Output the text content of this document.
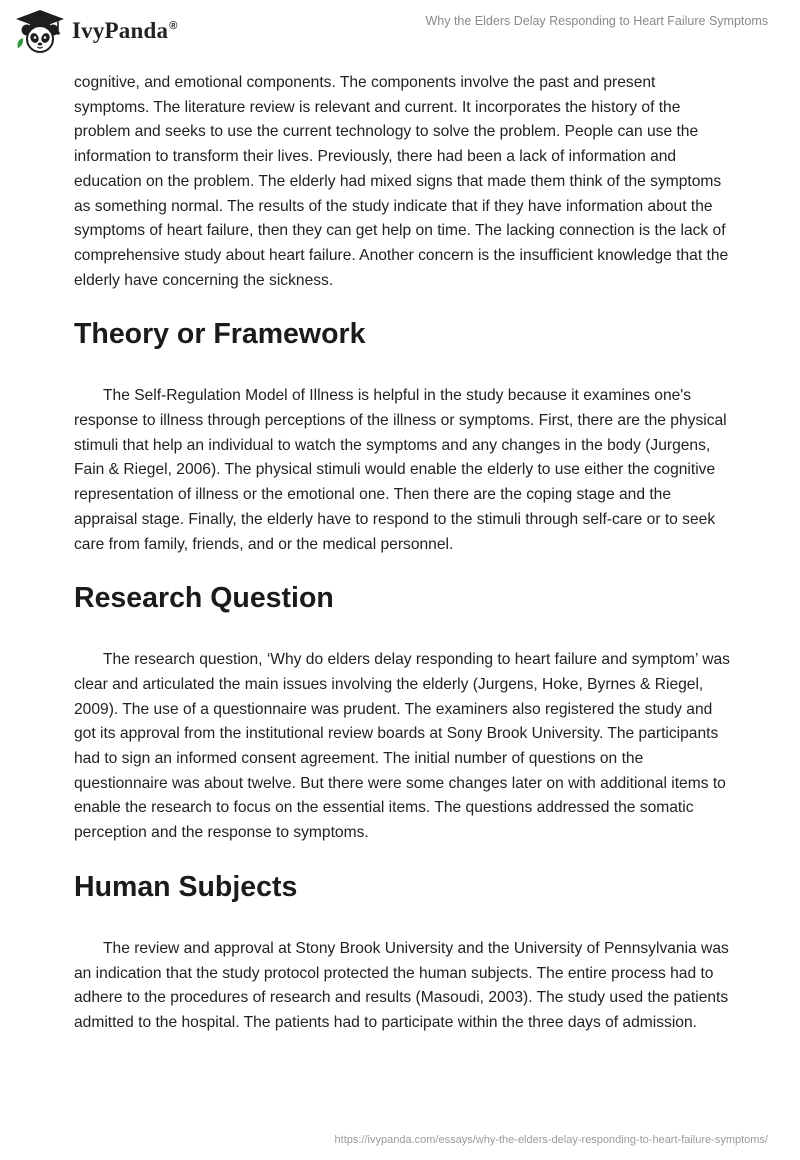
IvyPanda®	Why the Elders Delay Responding to Heart Failure Symptoms

cognitive, and emotional components. The components involve the past and present symptoms. The literature review is relevant and current. It incorporates the history of the problem and seeks to use the current technology to solve the problem. People can use the information to transform their lives. Previously, there had been a lack of information and education on the problem. The elderly had mixed signs that made them think of the symptoms as something normal. The results of the study indicate that if they have information about the symptoms of heart failure, then they can get help on time. The lacking connection is the lack of comprehensive study about heart failure. Another concern is the insufficient knowledge that the elderly have concerning the sickness.

Theory or Framework

The Self-Regulation Model of Illness is helpful in the study because it examines one's response to illness through perceptions of the illness or symptoms. First, there are the physical stimuli that help an individual to watch the symptoms and any changes in the body (Jurgens, Fain & Riegel, 2006). The physical stimuli would enable the elderly to use either the cognitive representation of illness or the emotional one. Then there are the coping stage and the appraisal stage. Finally, the elderly have to respond to the stimuli through self-care or to seek care from family, friends, and or the medical personnel.

Research Question

The research question, ‘Why do elders delay responding to heart failure and symptom’ was clear and articulated the main issues involving the elderly (Jurgens, Hoke, Byrnes & Riegel, 2009). The use of a questionnaire was prudent. The examiners also registered the study and got its approval from the institutional review boards at Sony Brook University. The participants had to sign an informed consent agreement. The initial number of questions on the questionnaire was about twelve. But there were some changes later on with additional items to enable the research to focus on the essential items. The questions addressed the somatic perception and the response to symptoms.

Human Subjects

The review and approval at Stony Brook University and the University of Pennsylvania was an indication that the study protocol protected the human subjects. The entire process had to adhere to the procedures of research and results (Masoudi, 2003). The study used the patients admitted to the hospital. The patients had to participate within the three days of admission.

https://ivypanda.com/essays/why-the-elders-delay-responding-to-heart-failure-symptoms/
